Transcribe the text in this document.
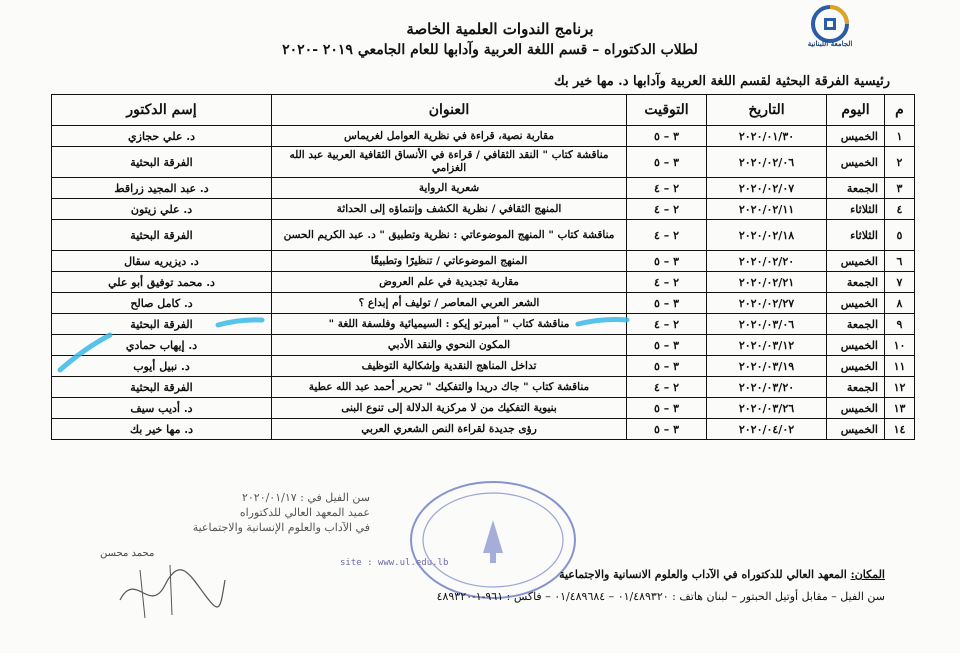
الجامعة اللبنانية
برنامج الندوات العلمية الخاصة
لطلاب الدكتوراه – قسم اللغة العربية وآدابها للعام الجامعي ٢٠١٩ -٢٠٢٠
رئيسية الفرقة البحثية لقسم اللغة العربية وآدابها د. مها خير بك
م	اليوم	التاريخ	التوقيت	العنوان	إسم الدكتور
١	الخميس	٢٠٢٠/٠١/٣٠	٣ – ٥	مقاربة نصية، قراءة في نظرية العوامل لغريماس	د. علي حجازي
٢	الخميس	٢٠٢٠/٠٢/٠٦	٣ – ٥	مناقشة كتاب " النقد الثقافي / قراءة في الأنساق الثقافية العربية عبد الله الغزامي	الفرقة البحثية
٣	الجمعة	٢٠٢٠/٠٢/٠٧	٢ – ٤	شعرية الرواية	د. عبد المجيد زراقط
٤	الثلاثاء	٢٠٢٠/٠٢/١١	٢ – ٤	المنهج الثقافي / نظرية الكشف وإنتماؤه إلى الحداثة	د. علي زيتون
٥	الثلاثاء	٢٠٢٠/٠٢/١٨	٢ – ٤	مناقشة كتاب " المنهج الموضوعاتي : نظرية وتطبيق " د. عبد الكريم الحسن	الفرقة البحثية
٦	الخميس	٢٠٢٠/٠٢/٢٠	٣ – ٥	المنهج الموضوعاتي / تنظيرًا وتطبيقًا	د. ديزيريه سقال
٧	الجمعة	٢٠٢٠/٠٢/٢١	٢ – ٤	مقاربة تجديدية في علم العروض	د. محمد توفيق أبو علي
٨	الخميس	٢٠٢٠/٠٢/٢٧	٣ – ٥	الشعر العربي المعاصر / توليف أم إبداع ؟	د. كامل صالح
٩	الجمعة	٢٠٢٠/٠٣/٠٦	٢ – ٤	مناقشة كتاب " أمبرتو إيكو : السيميائية وفلسفة اللغة "	الفرقة البحثية
١٠	الخميس	٢٠٢٠/٠٣/١٢	٣ – ٥	المكون النحوي والنقد الأدبي	د. إيهاب حمادي
١١	الخميس	٢٠٢٠/٠٣/١٩	٣ – ٥	تداخل المناهج النقدية وإشكالية التوظيف	د. نبيل أيوب
١٢	الجمعة	٢٠٢٠/٠٣/٢٠	٢ – ٤	مناقشة كتاب " جاك دريدا والتفكيك " تحرير أحمد عبد الله عطية	الفرقة البحثية
١٣	الخميس	٢٠٢٠/٠٣/٢٦	٣ – ٥	بنيوية التفكيك من لا مركزية الدلالة إلى تنوع البنى	د. أديب سيف
١٤	الخميس	٢٠٢٠/٠٤/٠٢	٣ – ٥	رؤى جديدة لقراءة النص الشعري العربي	د. مها خير بك
سن الفيل في : ٢٠٢٠/٠١/١٧
عميد المعهد العالي للدكتوراه
في الآداب والعلوم الإنسانية والاجتماعية
محمد محسن
site : www.ul.edu.lb
المكان: المعهد العالي للدكتوراه في الآداب والعلوم الانسانية والاجتماعية
سن الفيل – مقابل أوتيل الحبتور – لبنان هاتف : ٠١/٤٨٩٣٢٠ – ٠١/٤٨٩٦٨٤ – فاكس : ٩٦١-١-٤٨٩٣٢٠
